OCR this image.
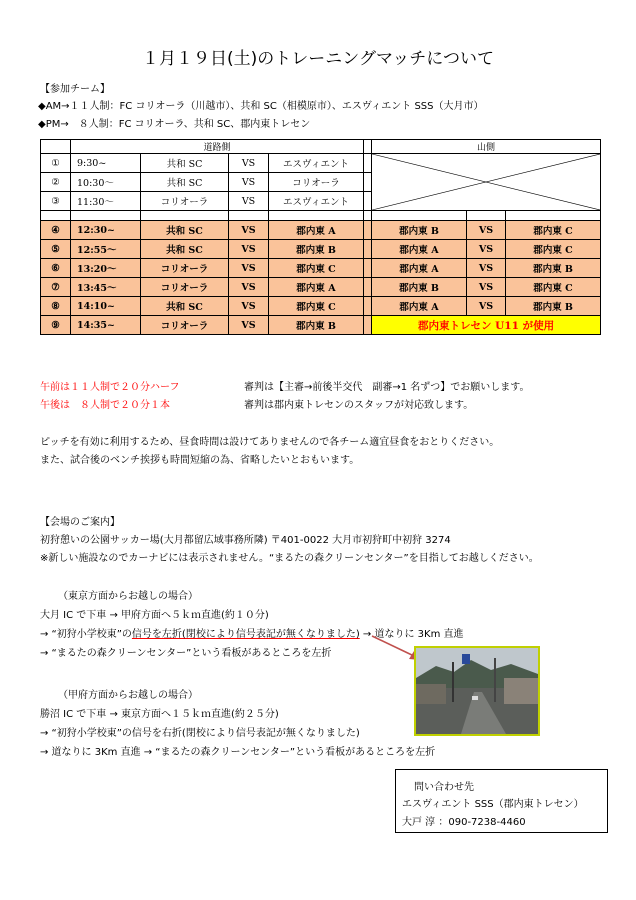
１月１９日(土)のトレーニングマッチについて
【参加チーム】
◆AM→１１人制：FC コリオーラ（川越市）、共和 SC（相模原市）、エスヴィエント SSS（大月市）
◆PM→　８人制：FC コリオーラ、共和 SC、郡内東トレセン
	道路側					山側		
①	9:30~	共和 SC	VS	エスヴィエント		

②	10:30～	共和 SC	VS	コリオーラ				
③	11:30～	コリオーラ	VS	エスヴィエント				

④	12:30~	共和 SC	VS	郡内東 A		郡内東 B	VS	郡内東 C
⑤	12:55～	共和 SC	VS	郡内東 B		郡内東 A	VS	郡内東 C
⑥	13:20～	コリオーラ	VS	郡内東 C		郡内東 A	VS	郡内東 B
⑦	13:45～	コリオーラ	VS	郡内東 A		郡内東 B	VS	郡内東 C
⑧	14:10~	共和 SC	VS	郡内東 C		郡内東 A	VS	郡内東 B
⑨	14:35~	コリオーラ	VS	郡内東 B		郡内東トレセン U11 が使用		
午前は１１人制で２０分ハーフ	審判は【主審→前後半交代　副審→1 名ずつ】でお願いします。
午後は　８人制で２０分１本	審判は郡内東トレセンのスタッフが対応致します。
ピッチを有効に利用するため、昼食時間は設けてありませんので各チーム適宜昼食をおとりください。
また、試合後のベンチ挨拶も時間短縮の為、省略したいとおもいます。
【会場のご案内】
初狩憩いの公園サッカー場(大月都留広域事務所隣) 〒401-0022 大月市初狩町中初狩 3274
※新しい施設なのでカーナビには表示されません。“まるたの森クリーンセンター”を目指してお越しください。
（東京方面からお越しの場合）
大月 IC で下車 → 甲府方面へ５ｋｍ直進(約１０分)
→ “初狩小学校東”の信号を左折(閉校により信号表記が無くなりました) → 道なりに 3Km 直進
→ “まるたの森クリーンセンター”という看板があるところを左折
（甲府方面からお越しの場合）
勝沼 IC で下車 → 東京方面へ１５ｋｍ直進(約２５分)
→ “初狩小学校東”の信号を右折(閉校により信号表記が無くなりました)
→ 道なりに 3Km 直進 → “まるたの森クリーンセンター”という看板があるところを左折
問い合わせ先
エスヴィエント SSS（郡内東トレセン）
大戸 淳 ：090-7238-4460
